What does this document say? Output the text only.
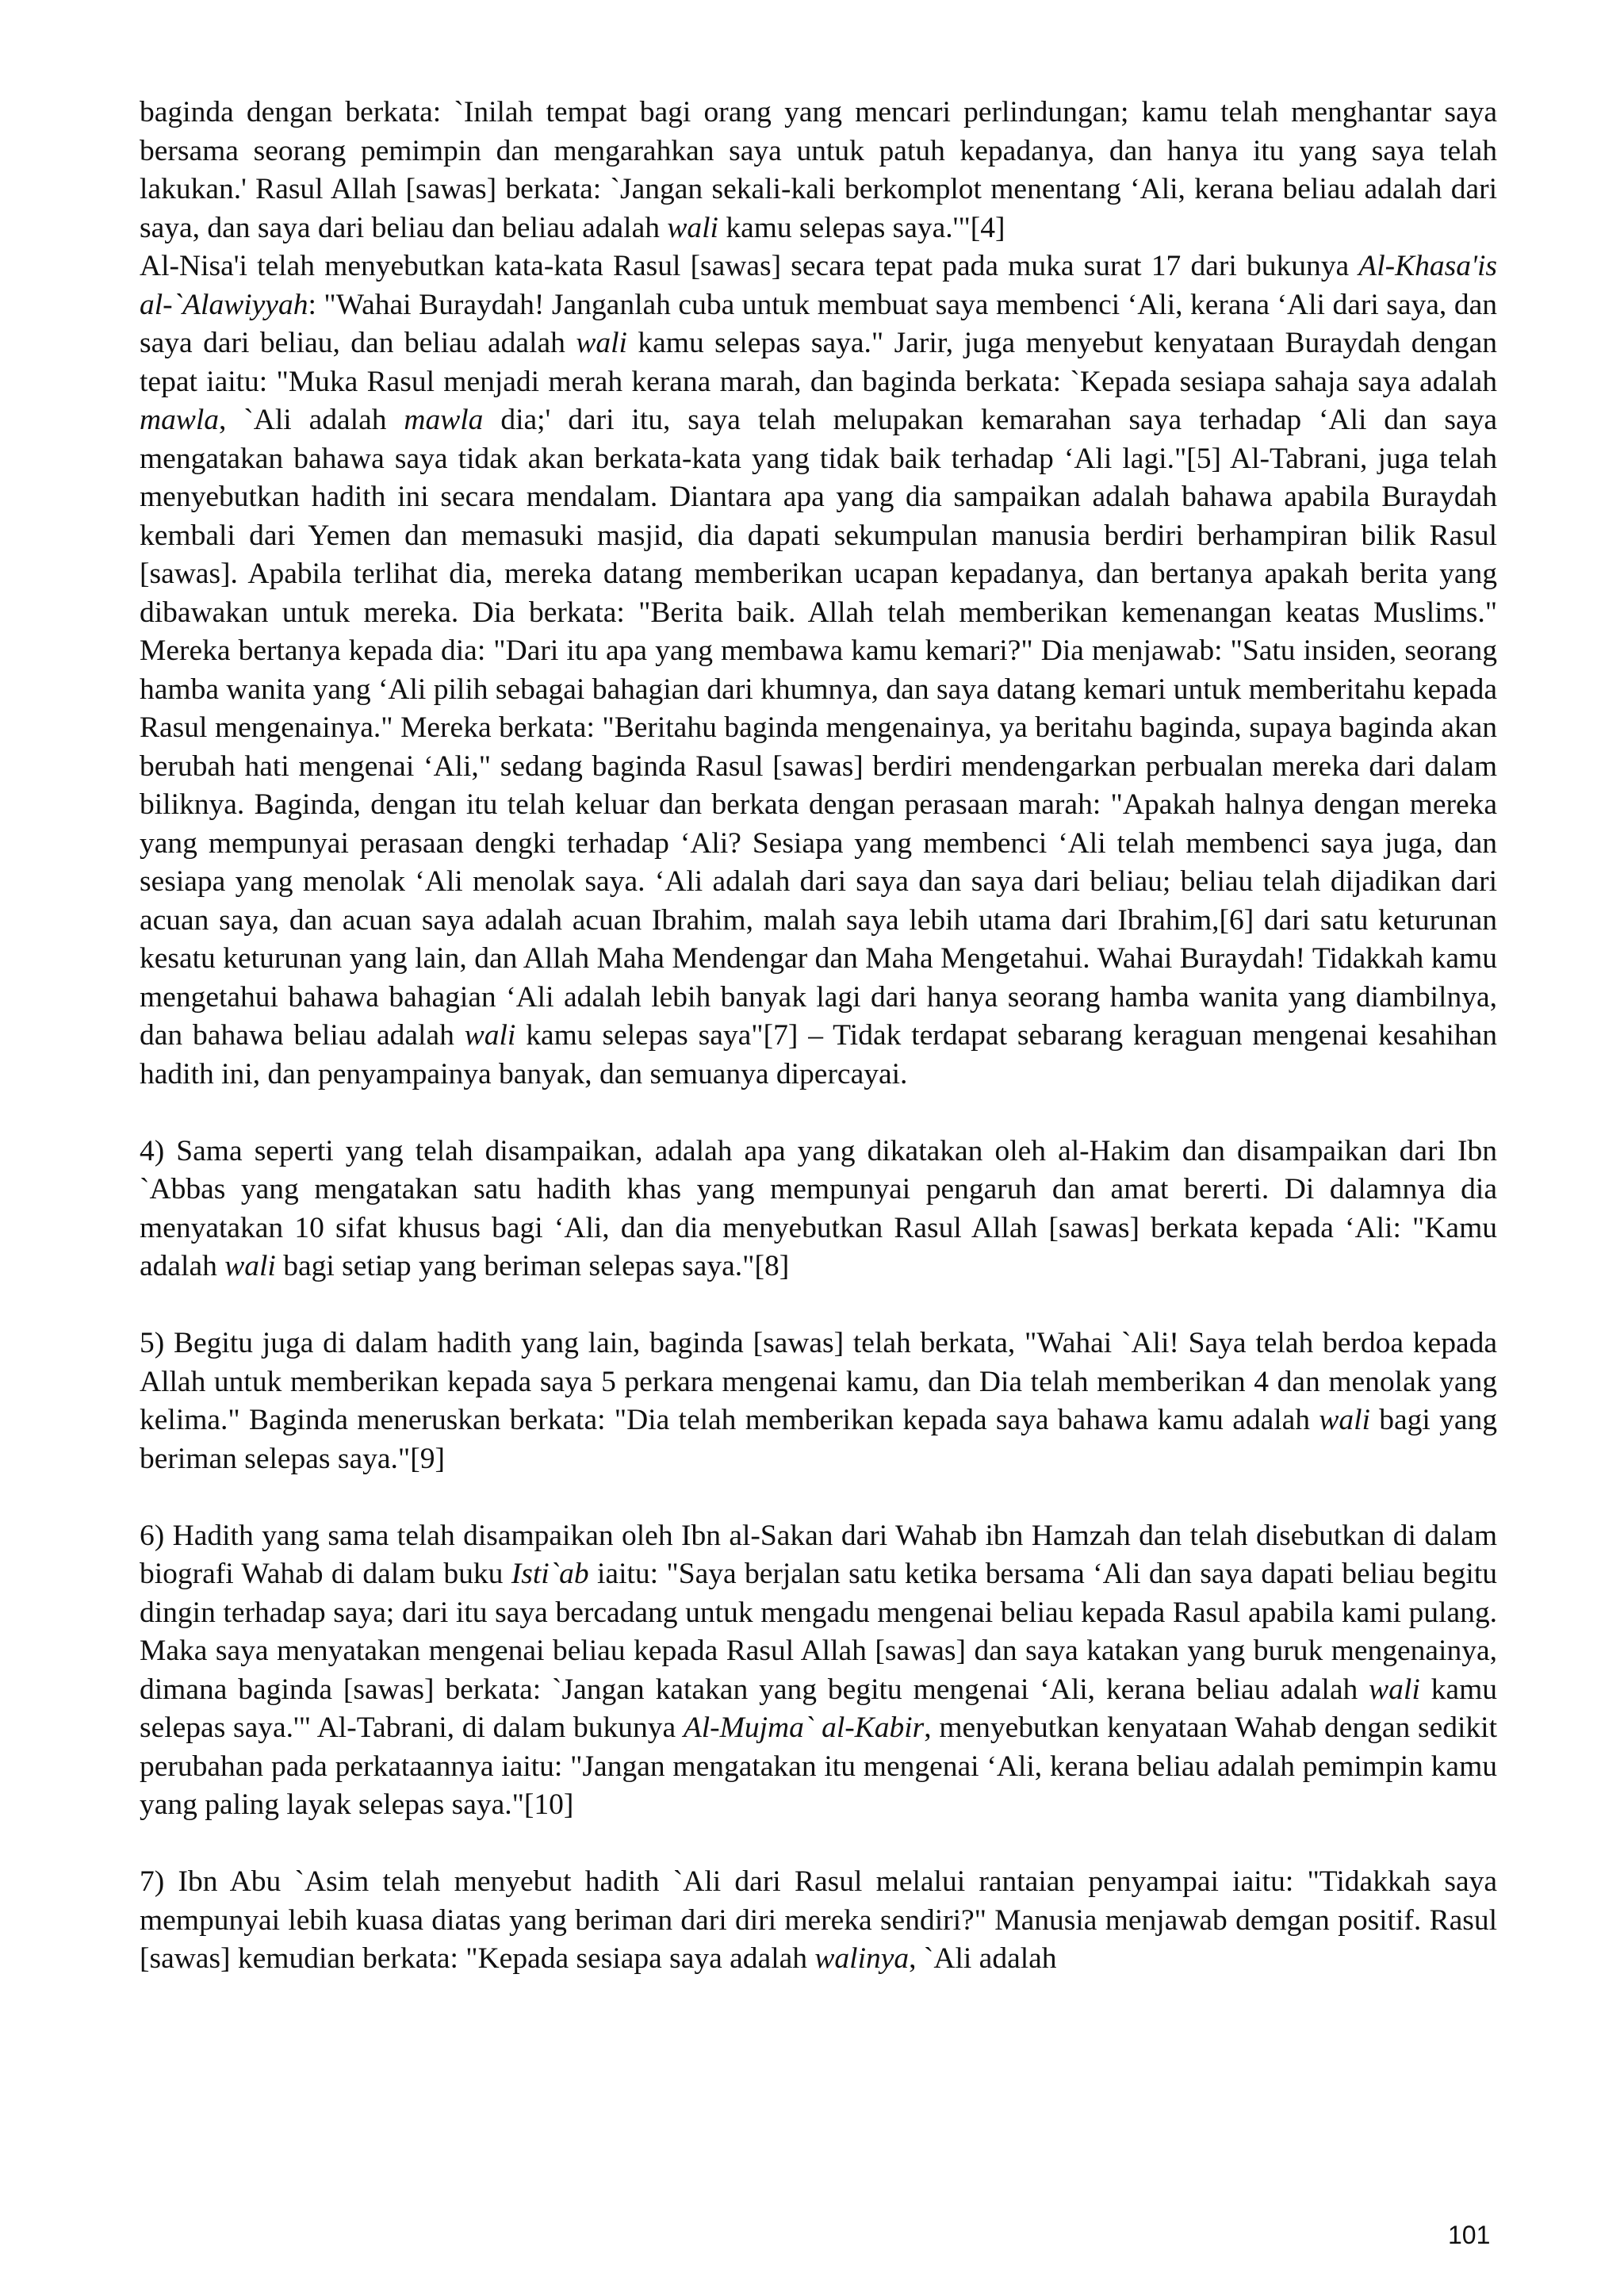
baginda dengan berkata: `Inilah tempat bagi orang yang mencari perlindungan; kamu telah menghantar saya bersama seorang pemimpin dan mengarahkan saya untuk patuh kepadanya, dan hanya itu yang saya telah lakukan.' Rasul Allah [sawas] berkata: `Jangan sekali-kali berkomplot menentang ‘Ali, kerana beliau adalah dari saya, dan saya dari beliau dan beliau adalah wali kamu selepas saya.'"[4]

Al-Nisa'i telah menyebutkan kata-kata Rasul [sawas] secara tepat pada muka surat 17 dari bukunya Al-Khasa'is al-`Alawiyyah: "Wahai Buraydah! Janganlah cuba untuk membuat saya membenci ‘Ali, kerana ‘Ali dari saya, dan saya dari beliau, dan beliau adalah wali kamu selepas saya." Jarir, juga menyebut kenyataan Buraydah dengan tepat iaitu: "Muka Rasul menjadi merah kerana marah, dan baginda berkata: `Kepada sesiapa sahaja saya adalah mawla, `Ali adalah mawla dia;' dari itu, saya telah melupakan kemarahan saya terhadap ‘Ali dan saya mengatakan bahawa saya tidak akan berkata-kata yang tidak baik terhadap ‘Ali lagi."[5] Al-Tabrani, juga telah menyebutkan hadith ini secara mendalam. Diantara apa yang dia sampaikan adalah bahawa apabila Buraydah kembali dari Yemen dan memasuki masjid, dia dapati sekumpulan manusia berdiri berhampiran bilik Rasul [sawas]. Apabila terlihat dia, mereka datang memberikan ucapan kepadanya, dan bertanya apakah berita yang dibawakan untuk mereka. Dia berkata: "Berita baik. Allah telah memberikan kemenangan keatas Muslims." Mereka bertanya kepada dia: "Dari itu apa yang membawa kamu kemari?" Dia menjawab: "Satu insiden, seorang hamba wanita yang ‘Ali pilih sebagai bahagian dari khumnya, dan saya datang kemari untuk memberitahu kepada Rasul mengenainya." Mereka berkata: "Beritahu baginda mengenainya, ya beritahu baginda, supaya baginda akan berubah hati mengenai ‘Ali," sedang baginda Rasul [sawas] berdiri mendengarkan perbualan mereka dari dalam biliknya. Baginda, dengan itu telah keluar dan berkata dengan perasaan marah: "Apakah halnya dengan mereka yang mempunyai perasaan dengki terhadap ‘Ali? Sesiapa yang membenci ‘Ali telah membenci saya juga, dan sesiapa yang menolak ‘Ali menolak saya. ‘Ali adalah dari saya dan saya dari beliau; beliau telah dijadikan dari acuan saya, dan acuan saya adalah acuan Ibrahim, malah saya lebih utama dari Ibrahim,[6] dari satu keturunan kesatu keturunan yang lain, dan Allah Maha Mendengar dan Maha Mengetahui. Wahai Buraydah! Tidakkah kamu mengetahui bahawa bahagian ‘Ali adalah lebih banyak lagi dari hanya seorang hamba wanita yang diambilnya, dan bahawa beliau adalah wali kamu selepas saya"[7] – Tidak terdapat sebarang keraguan mengenai kesahihan hadith ini, dan penyampainya banyak, dan semuanya dipercayai.

4) Sama seperti yang telah disampaikan, adalah apa yang dikatakan oleh al-Hakim dan disampaikan dari Ibn `Abbas yang mengatakan satu hadith khas yang mempunyai pengaruh dan amat bererti. Di dalamnya dia menyatakan 10 sifat khusus bagi ‘Ali, dan dia menyebutkan Rasul Allah [sawas] berkata kepada ‘Ali: "Kamu adalah wali bagi setiap yang beriman selepas saya."[8]

5) Begitu juga di dalam hadith yang lain, baginda [sawas] telah berkata, "Wahai `Ali! Saya telah berdoa kepada Allah untuk memberikan kepada saya 5 perkara mengenai kamu, dan Dia telah memberikan 4 dan menolak yang kelima." Baginda meneruskan berkata: "Dia telah memberikan kepada saya bahawa kamu adalah wali bagi yang beriman selepas saya."[9]

6) Hadith yang sama telah disampaikan oleh Ibn al-Sakan dari Wahab ibn Hamzah dan telah disebutkan di dalam biografi Wahab di dalam buku Isti`ab iaitu: "Saya berjalan satu ketika bersama ‘Ali dan saya dapati beliau begitu dingin terhadap saya; dari itu saya bercadang untuk mengadu mengenai beliau kepada Rasul apabila kami pulang. Maka saya menyatakan mengenai beliau kepada Rasul Allah [sawas] dan saya katakan yang buruk mengenainya, dimana baginda [sawas] berkata: `Jangan katakan yang begitu mengenai ‘Ali, kerana beliau adalah wali kamu selepas saya.'" Al-Tabrani, di dalam bukunya Al-Mujma` al-Kabir, menyebutkan kenyataan Wahab dengan sedikit perubahan pada perkataannya iaitu: "Jangan mengatakan itu mengenai ‘Ali, kerana beliau adalah pemimpin kamu yang paling layak selepas saya."[10]

7) Ibn Abu `Asim telah menyebut hadith `Ali dari Rasul melalui rantaian penyampai iaitu: "Tidakkah saya mempunyai lebih kuasa diatas yang beriman dari diri mereka sendiri?" Manusia menjawab demgan positif. Rasul [sawas] kemudian berkata: "Kepada sesiapa saya adalah walinya, `Ali adalah

101
